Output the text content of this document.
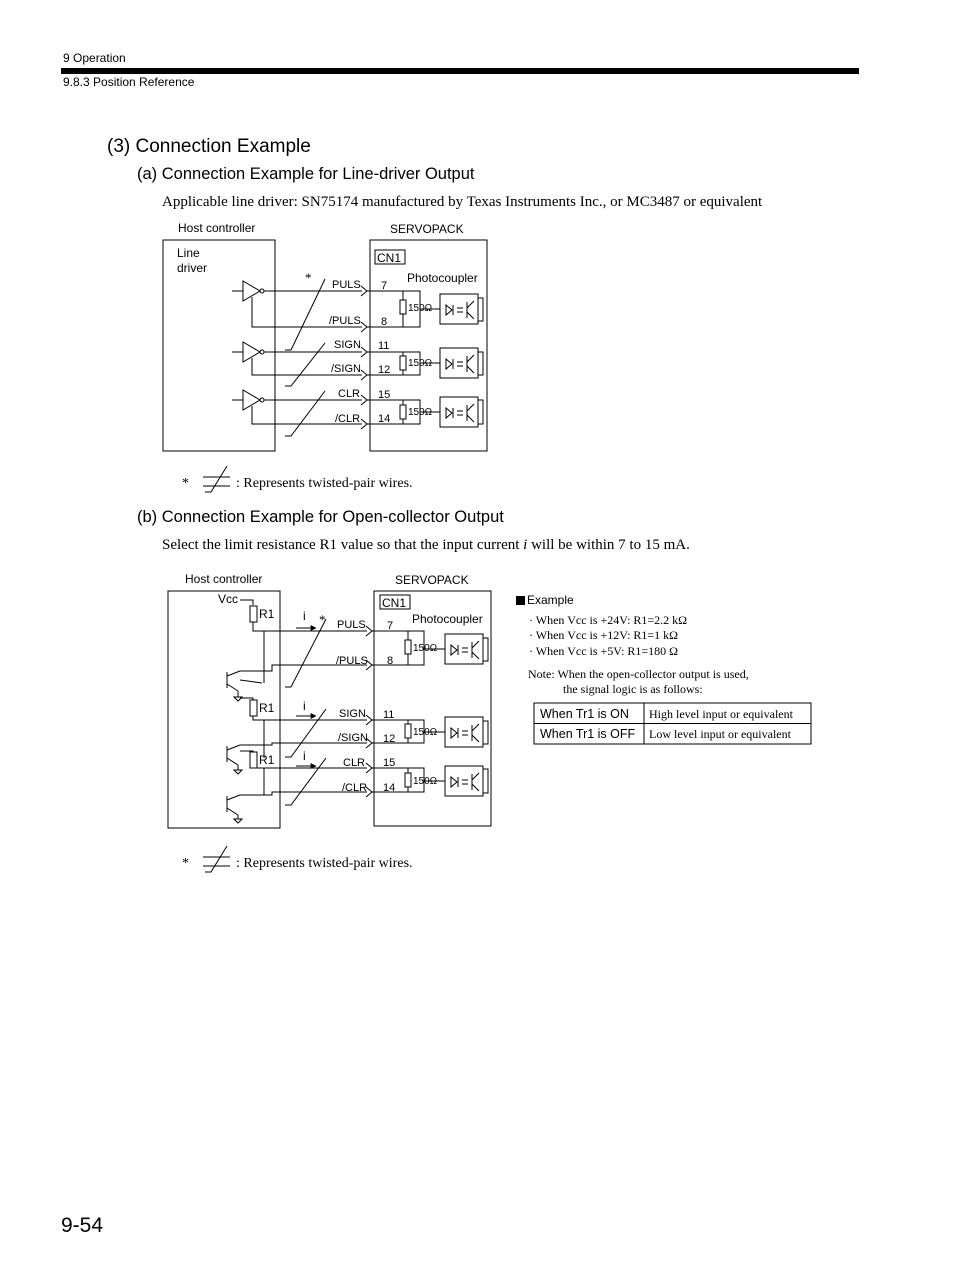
9 Operation
9.8.3 Position Reference
(3) Connection Example
(a) Connection Example for Line-driver Output
Applicable line driver: SN75174 manufactured by Texas Instruments Inc., or MC3487 or equivalent
(b) Connection Example for Open-collector Output
Select the limit resistance R1 value so that the input current i will be within 7 to 15 mA.
Host controller
Line
driver
SERVOPACK
CN1
Photocoupler
* PULS
/PULS
7
8
150Ω
SIGN
/SIGN
11
12
150Ω
CLR
/CLR
15
14
150Ω
*	: Represents twisted-pair wires.
Host controller
Vcc
SERVOPACK
CN1
Photocoupler
*
R1 i
PULS
/PULS
7
8
150Ω
R1 i
SIGN
/SIGN
11
12
150Ω
R1 i	CLR
/CLR
15
14
150Ω
Example
· When Vcc is +24V: R1=2.2 kΩ
· When Vcc is +12V: R1=1 kΩ
· When Vcc is +5V: R1=180 Ω
Note: When the open-collector output is used,
the signal logic is as follows:
When Tr1 is ON High level input or equivalent
When Tr1 is OFF Low level input or equivalent
*	: Represents twisted-pair wires.
9-54
